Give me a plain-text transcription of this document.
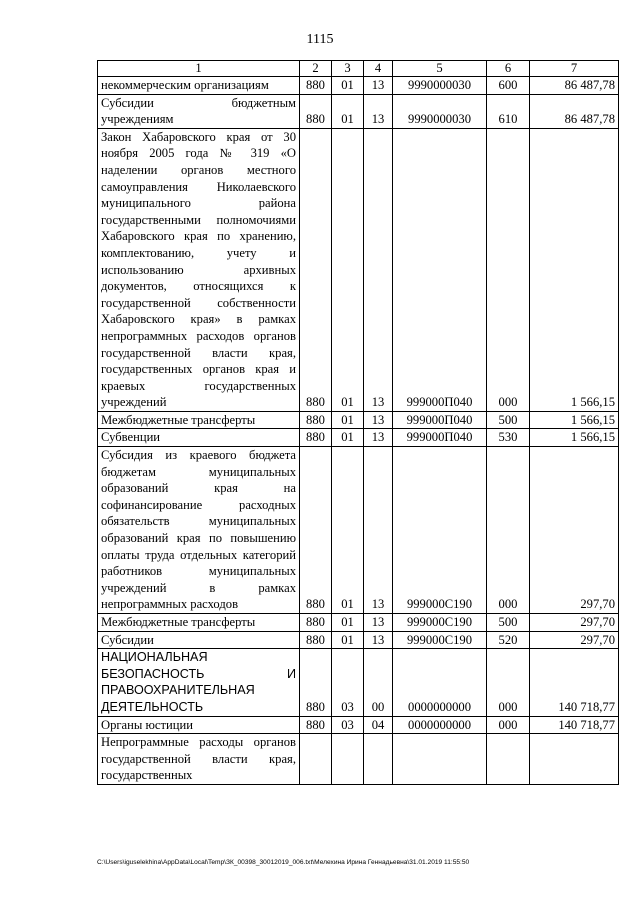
1115
1	2	3	4	5	6	7
некоммерческим организациям	880	01	13	9990000030	600	86 487,78
Субсидии бюджетным учреждениям	880	01	13	9990000030	610	86 487,78
Закон Хабаровского края от 30 ноября 2005 года № 319 «О наделении органов местного самоуправления Николаевского муниципального района государственными полномочиями Хабаровского края по хранению, комплектованию, учету и использованию архивных документов, относящихся к государственной собственности Хабаровского края» в рамках непрограммных расходов органов государственной власти края, государственных органов края и краевых государственных учреждений	880	01	13	999000П040	000	1 566,15
Межбюджетные трансферты	880	01	13	999000П040	500	1 566,15
Субвенции	880	01	13	999000П040	530	1 566,15
Субсидия из краевого бюджета бюджетам муниципальных образований края на софинансирование расходных обязательств муниципальных образований края по повышению оплаты труда отдельных категорий работников муниципальных учреждений в рамках непрограммных расходов	880	01	13	999000С190	000	297,70
Межбюджетные трансферты	880	01	13	999000С190	500	297,70
Субсидии	880	01	13	999000С190	520	297,70
НАЦИОНАЛЬНАЯ БЕЗОПАСНОСТЬ И ПРАВООХРАНИТЕЛЬНАЯ ДЕЯТЕЛЬНОСТЬ	880	03	00	0000000000	000	140 718,77
Органы юстиции	880	03	04	0000000000	000	140 718,77
Непрограммные расходы органов государственной власти края, государственных						
C:\Users\iguselekhina\AppData\Local\Temp\ЗК_00398_30012019_006.txt\Мелехина Ирина Геннадьевна\31.01.2019 11:55:50
